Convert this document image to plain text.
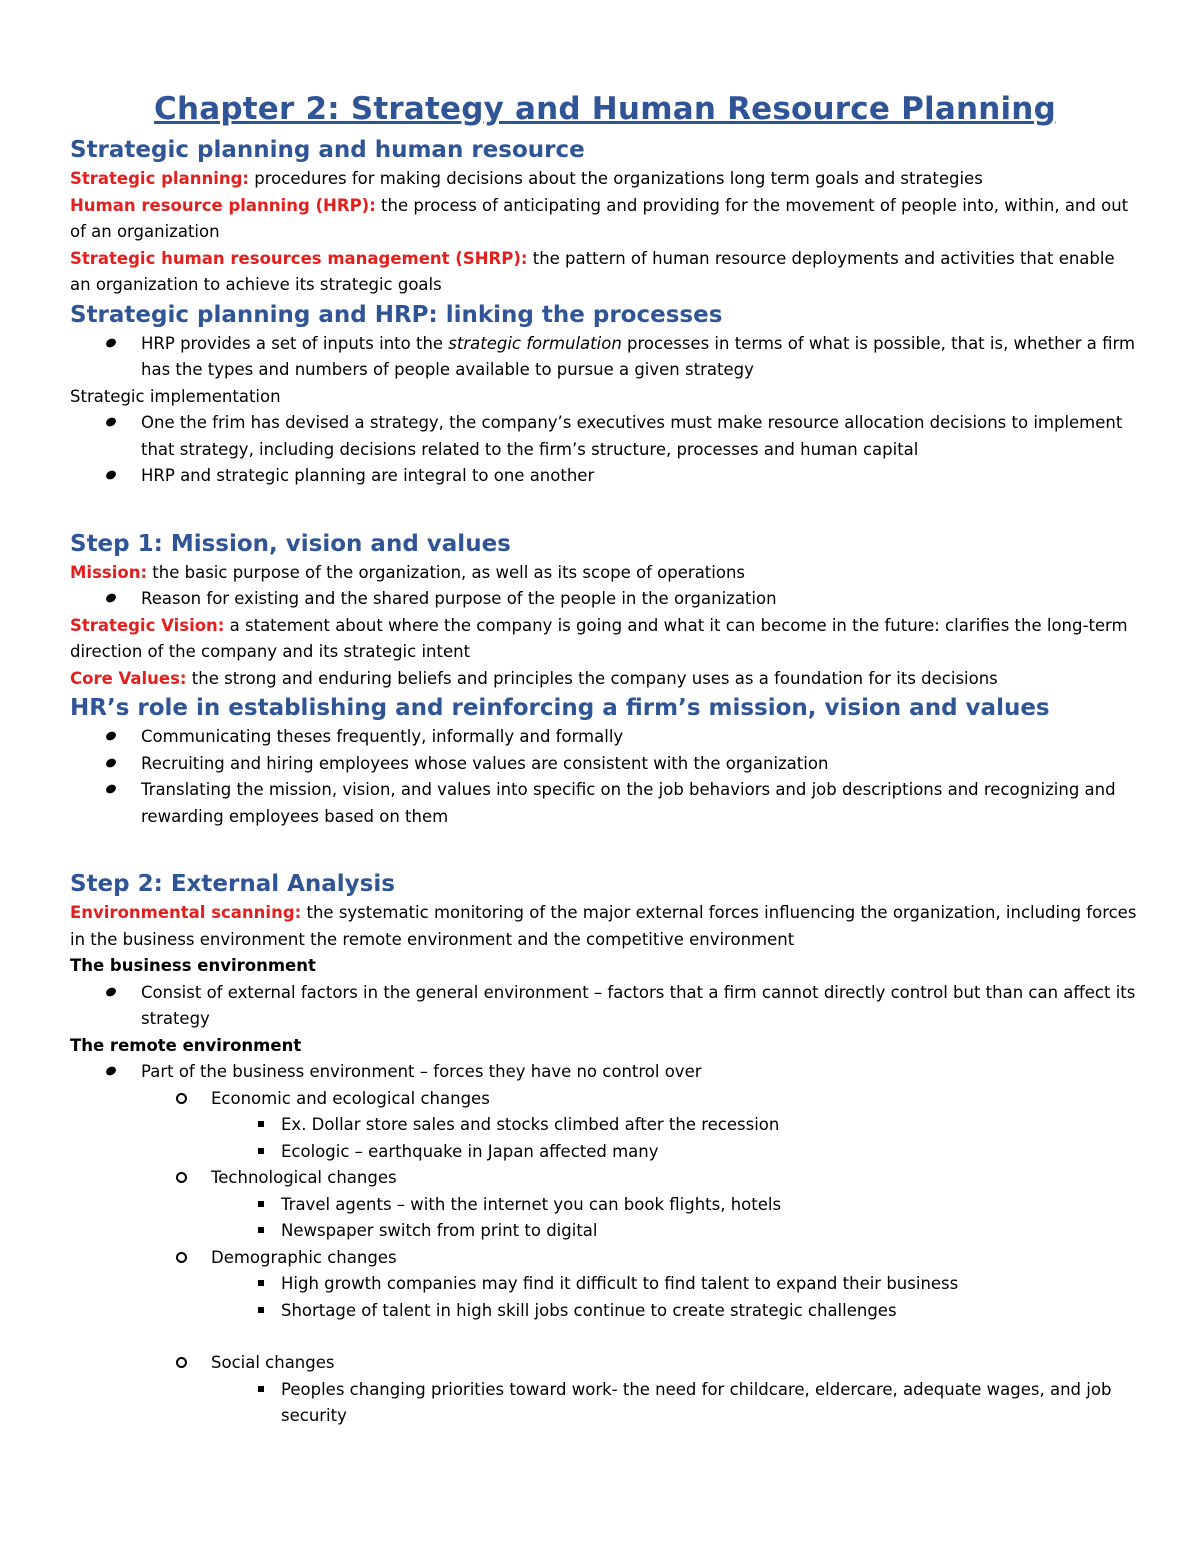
Chapter 2: Strategy and Human Resource Planning
Strategic planning and human resource

Strategic planning: procedures for making decisions about the organizations long term goals and strategies

Human resource planning (HRP): the process of anticipating and providing for the movement of people into, within, and out of an organization

Strategic human resources management (SHRP): the pattern of human resource deployments and activities that enable an organization to achieve its strategic goals

Strategic planning and HRP: linking the processes
HRP provides a set of inputs into the strategic formulation processes in terms of what is possible, that is, whether a firm has the types and numbers of people available to pursue a given strategy

Strategic implementation

One the frim has devised a strategy, the company’s executives must make resource allocation decisions to implement that strategy, including decisions related to the firm’s structure, processes and human capital
HRP and strategic planning are integral to one another
Step 1: Mission, vision and values

Mission: the basic purpose of the organization, as well as its scope of operations

Reason for existing and the shared purpose of the people in the organization

Strategic Vision: a statement about where the company is going and what it can become in the future: clarifies the long-term direction of the company and its strategic intent

Core Values: the strong and enduring beliefs and principles the company uses as a foundation for its decisions

HR’s role in establishing and reinforcing a firm’s mission, vision and values
Communicating theses frequently, informally and formally
Recruiting and hiring employees whose values are consistent with the organization
Translating the mission, vision, and values into specific on the job behaviors and job descriptions and recognizing and rewarding employees based on them
Step 2: External Analysis

Environmental scanning: the systematic monitoring of the major external forces influencing the organization, including forces in the business environment the remote environment and the competitive environment

The business environment

Consist of external factors in the general environment – factors that a firm cannot directly control but than can affect its strategy

The remote environment

Part of the business environment – forces they have no control over
Economic and ecological changes
Ex. Dollar store sales and stocks climbed after the recession
Ecologic – earthquake in Japan affected many
Technological changes
Travel agents – with the internet you can book flights, hotels
Newspaper switch from print to digital
Demographic changes
High growth companies may find it difficult to find talent to expand their business
Shortage of talent in high skill jobs continue to create strategic challenges
Social changes
Peoples changing priorities toward work- the need for childcare, eldercare, adequate wages, and job security
